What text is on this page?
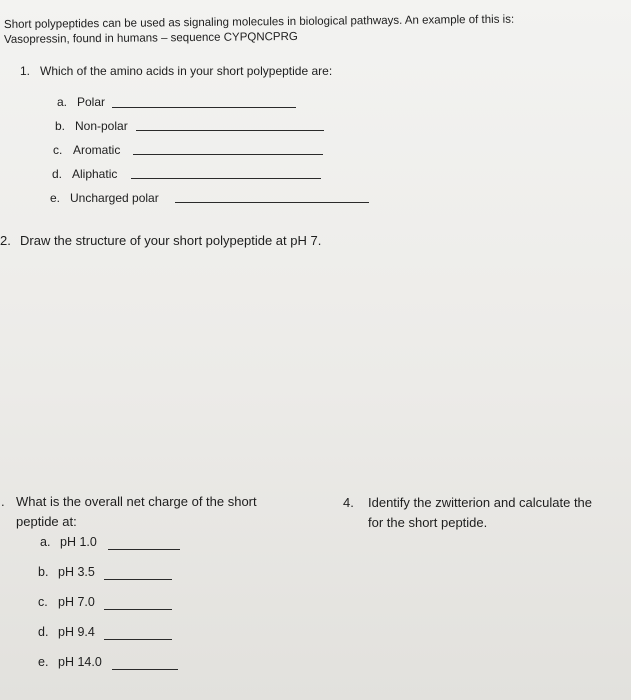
Short polypeptides can be used as signaling molecules in biological pathways. An example of this is:
Vasopressin, found in humans – sequence CYPQNCPRG
1. Which of the amino acids in your short polypeptide are:
a. Polar
b. Non-polar
c. Aromatic
d. Aliphatic
e. Uncharged polar
2. Draw the structure of your short polypeptide at pH 7.
. What is the overall net charge of the short
peptide at:
a. pH 1.0
b. pH 3.5
c. pH 7.0
d. pH 9.4
e. pH 14.0
4. Identify the zwitterion and calculate the
for the short peptide.
